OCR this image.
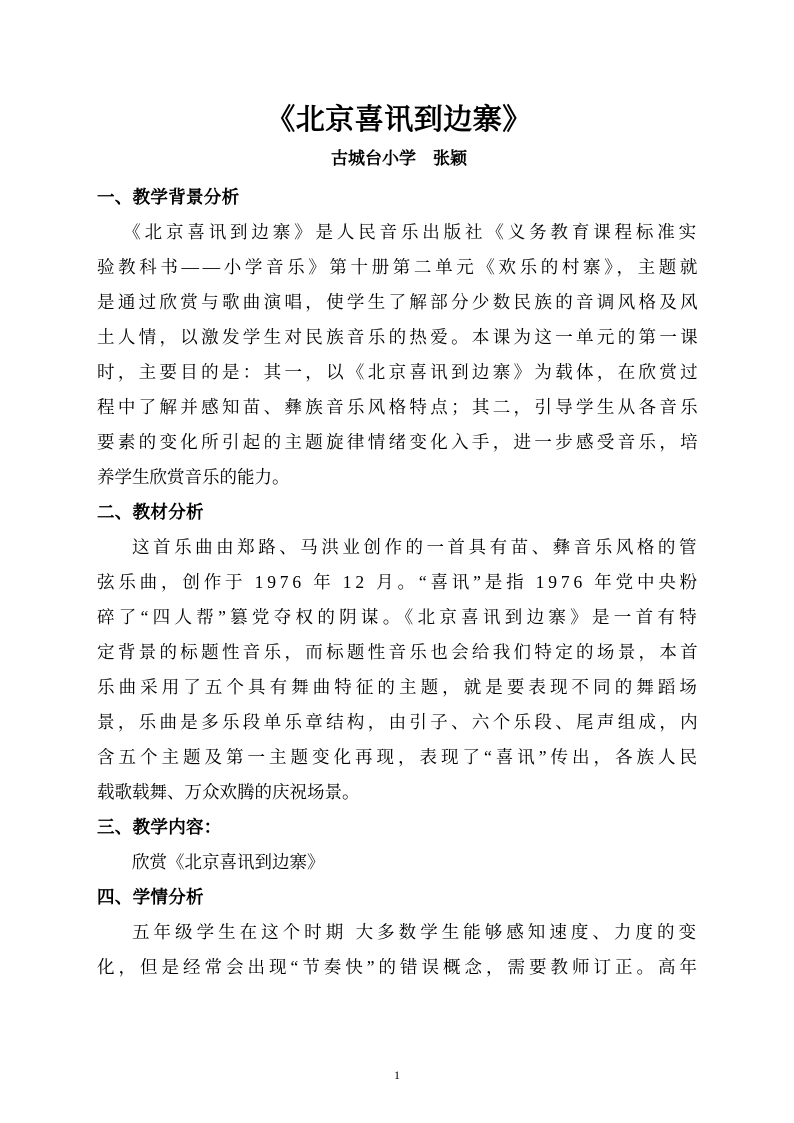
《北京喜讯到边寨》
古城台小学　张颖
一、教学背景分析

　　《北京喜讯到边寨》是人民音乐出版社《义务教育课程标准实

验教科书——小学音乐》第十册第二单元《欢乐的村寨》，主题就

是通过欣赏与歌曲演唱，使学生了解部分少数民族的音调风格及风

土人情，以激发学生对民族音乐的热爱。本课为这一单元的第一课

时，主要目的是：其一，以《北京喜讯到边寨》为载体，在欣赏过

程中了解并感知苗、彝族音乐风格特点；其二，引导学生从各音乐

要素的变化所引起的主题旋律情绪变化入手，进一步感受音乐，培

养学生欣赏音乐的能力。

二、教材分析

　　这首乐曲由郑路、马洪业创作的一首具有苗、彝音乐风格的管

弦乐曲，创作于 1976 年 12 月。“喜讯”是指 1976 年党中央粉

碎了“四人帮”篡党夺权的阴谋。《北京喜讯到边寨》是一首有特

定背景的标题性音乐，而标题性音乐也会给我们特定的场景，本首

乐曲采用了五个具有舞曲特征的主题，就是要表现不同的舞蹈场

景，乐曲是多乐段单乐章结构，由引子、六个乐段、尾声组成，内

含五个主题及第一主题变化再现，表现了“喜讯”传出，各族人民

载歌载舞、万众欢腾的庆祝场景。

三、教学内容：

　　欣赏《北京喜讯到边寨》

四、学情分析

　　五年级学生在这个时期 大多数学生能够感知速度、力度的变

化，但是经常会出现“节奏快”的错误概念，需要教师订正。高年

1
